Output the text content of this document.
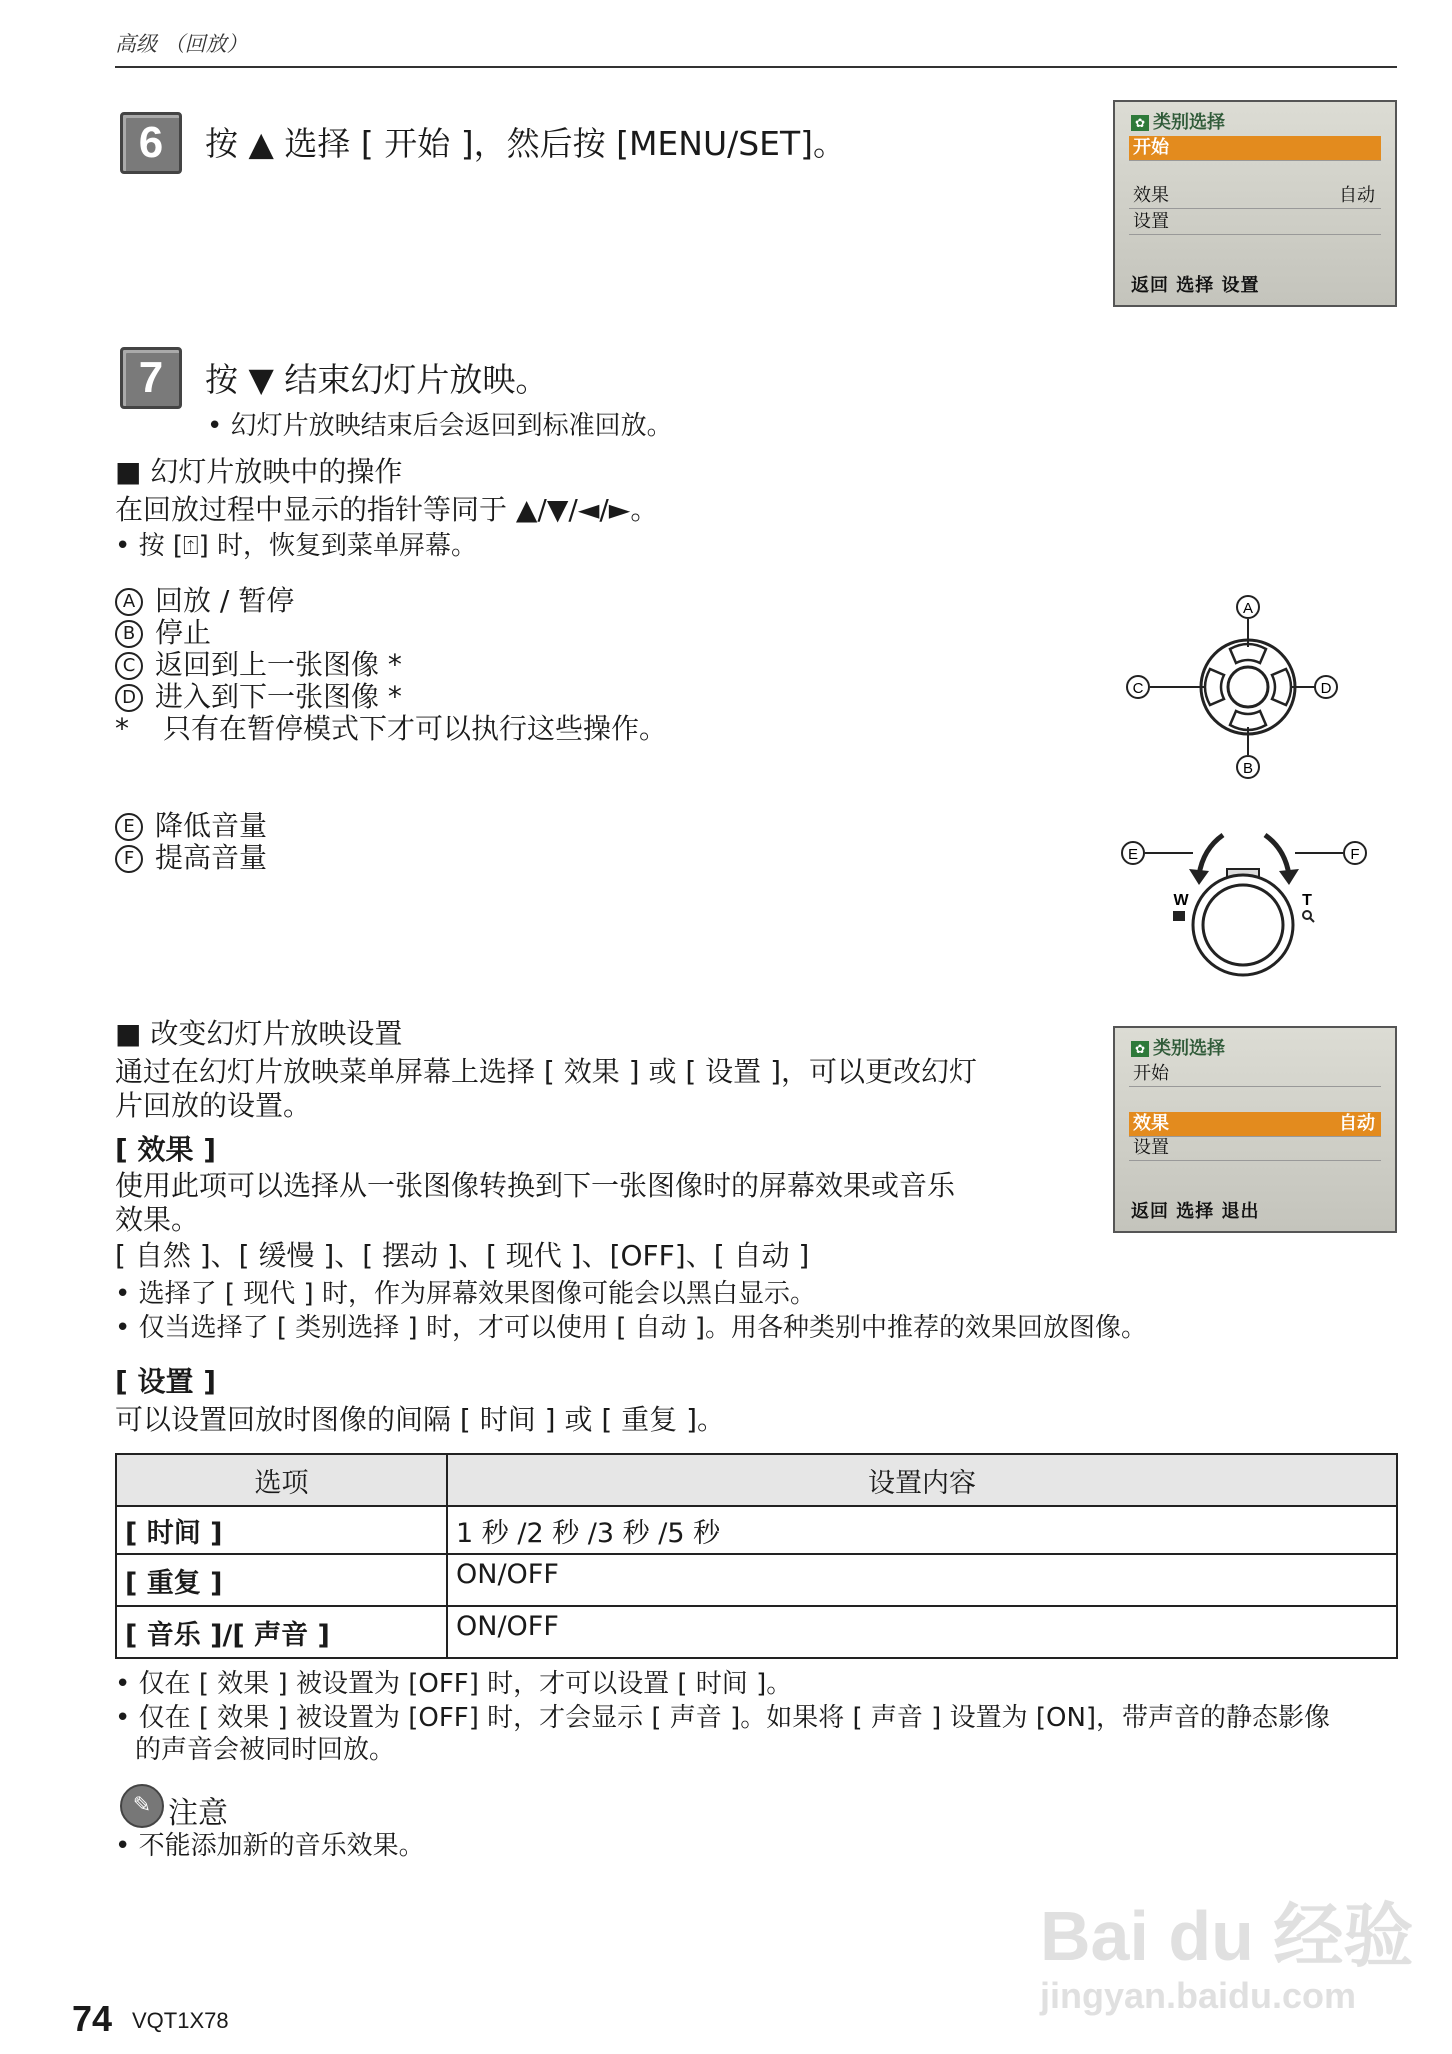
高级 （回放）
6	按 ▲ 选择 [ 开始 ]，然后按 [MENU/SET]。
✿ 类别选择
开始
效果	自动
设置
返回 选择 设置
7	按 ▼ 结束幻灯片放映。
• 幻灯片放映结束后会返回到标准回放。
■ 幻灯片放映中的操作
在回放过程中显示的指针等同于 ▲/▼/◄/►。
• 按 [⍐] 时，恢复到菜单屏幕。
A 回放 / 暂停
B 停止
C 返回到上一张图像 *
D 进入到下一张图像 *
* 只有在暂停模式下才可以执行这些操作。
E 降低音量
F 提高音量
A
B
C	D
E	F
W	T
■ 改变幻灯片放映设置
通过在幻灯片放映菜单屏幕上选择 [ 效果 ] 或 [ 设置 ]，可以更改幻灯
片回放的设置。
[ 效果 ]
使用此项可以选择从一张图像转换到下一张图像时的屏幕效果或音乐
效果。
[ 自然 ]、[ 缓慢 ]、[ 摆动 ]、[ 现代 ]、[OFF]、[ 自动 ]
• 选择了 [ 现代 ] 时，作为屏幕效果图像可能会以黑白显示。
• 仅当选择了 [ 类别选择 ] 时，才可以使用 [ 自动 ]。用各种类别中推荐的效果回放图像。
[ 设置 ]
可以设置回放时图像的间隔 [ 时间 ] 或 [ 重复 ]。
✿ 类别选择
开始
效果	自动
设置
返回 选择 退出
选项	设置内容
[ 时间 ]	1 秒 /2 秒 /3 秒 /5 秒
[ 重复 ]	ON/OFF
[ 音乐 ]/[ 声音 ]	ON/OFF
• 仅在 [ 效果 ] 被设置为 [OFF] 时，才可以设置 [ 时间 ]。
• 仅在 [ 效果 ] 被设置为 [OFF] 时，才会显示 [ 声音 ]。如果将 [ 声音 ] 设置为 [ON]，带声音的静态影像
的声音会被同时回放。
✎ 注意
• 不能添加新的音乐效果。
Bai du 经验
jingyan.baidu.com
74 VQT1X78
